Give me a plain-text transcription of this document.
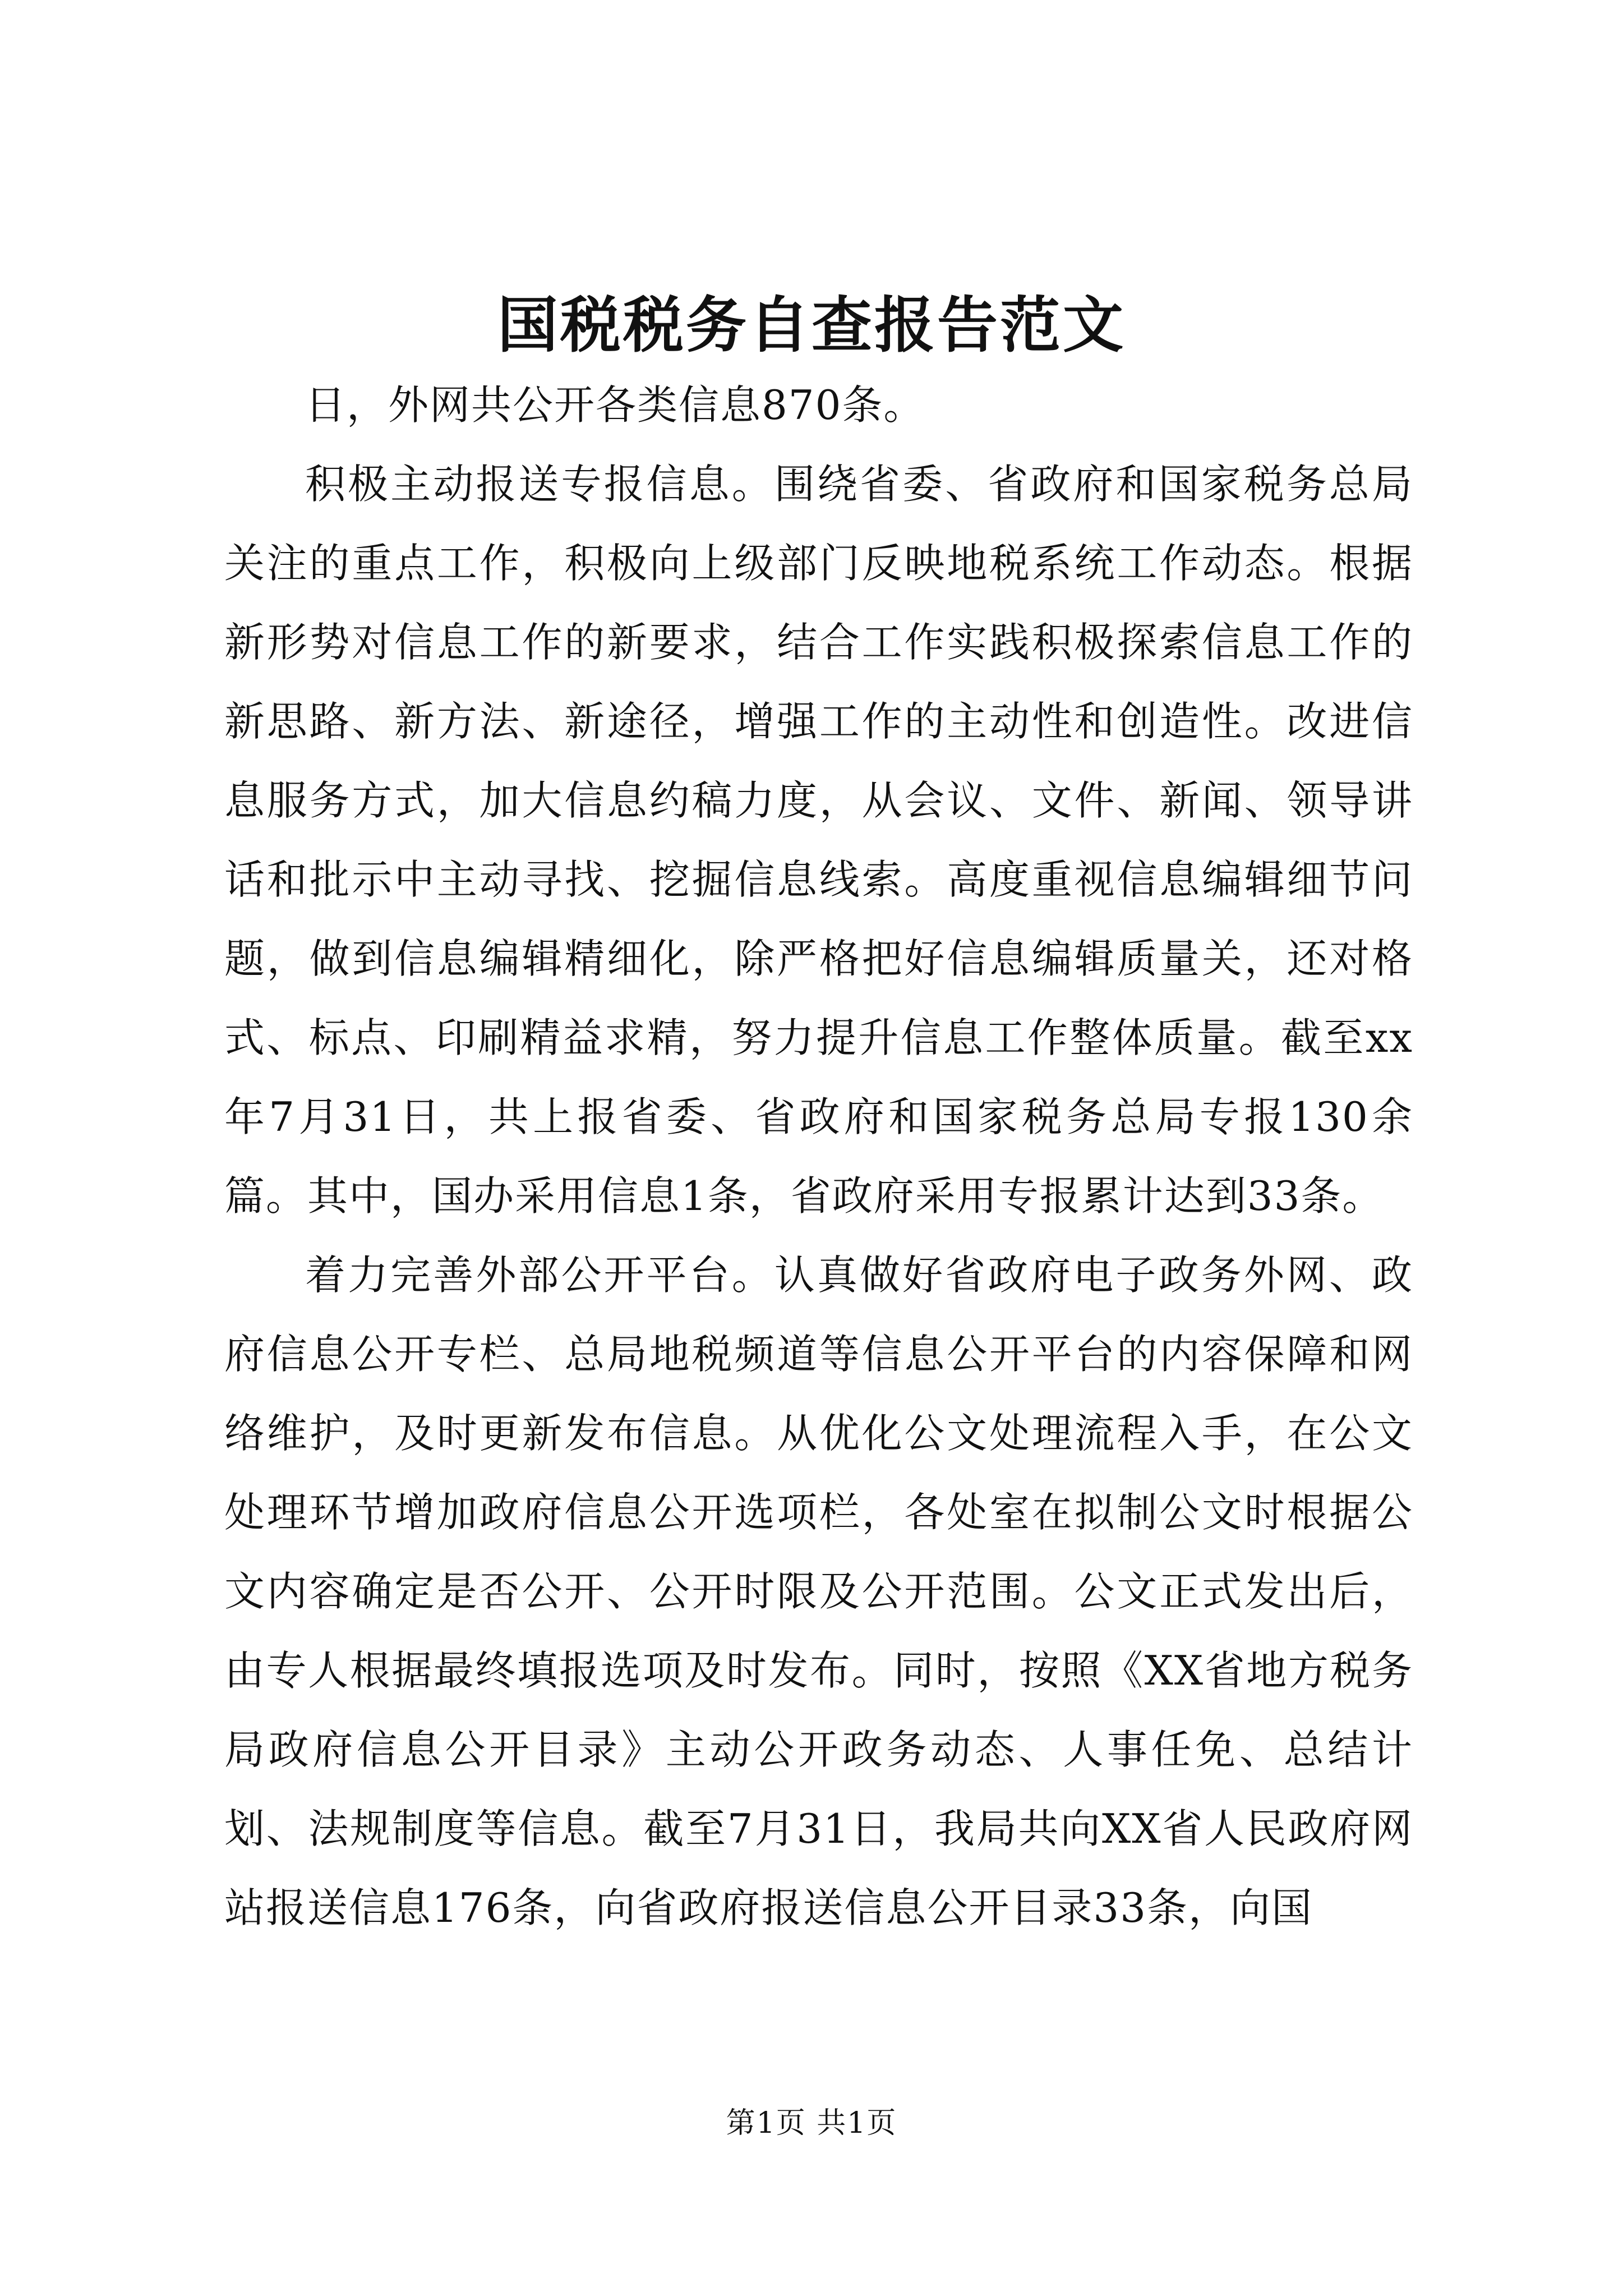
国税税务自查报告范文

日，外网共公开各类信息870条。

积极主动报送专报信息。围绕省委、省政府和国家税务总局关注的重点工作，积极向上级部门反映地税系统工作动态。根据新形势对信息工作的新要求，结合工作实践积极探索信息工作的新思路、新方法、新途径，增强工作的主动性和创造性。改进信息服务方式，加大信息约稿力度，从会议、文件、新闻、领导讲话和批示中主动寻找、挖掘信息线索。高度重视信息编辑细节问题，做到信息编辑精细化，除严格把好信息编辑质量关，还对格式、标点、印刷精益求精，努力提升信息工作整体质量。截至xx年7月31日，共上报省委、省政府和国家税务总局专报130余篇。其中，国办采用信息1条，省政府采用专报累计达到33条。

着力完善外部公开平台。认真做好省政府电子政务外网、政府信息公开专栏、总局地税频道等信息公开平台的内容保障和网络维护，及时更新发布信息。从优化公文处理流程入手，在公文处理环节增加政府信息公开选项栏，各处室在拟制公文时根据公文内容确定是否公开、公开时限及公开范围。公文正式发出后，由专人根据最终填报选项及时发布。同时，按照《XX省地方税务局政府信息公开目录》主动公开政务动态、人事任免、总结计划、法规制度等信息。截至7月31日，我局共向XX省人民政府网站报送信息176条，向省政府报送信息公开目录33条，向国

第1页 共1页
